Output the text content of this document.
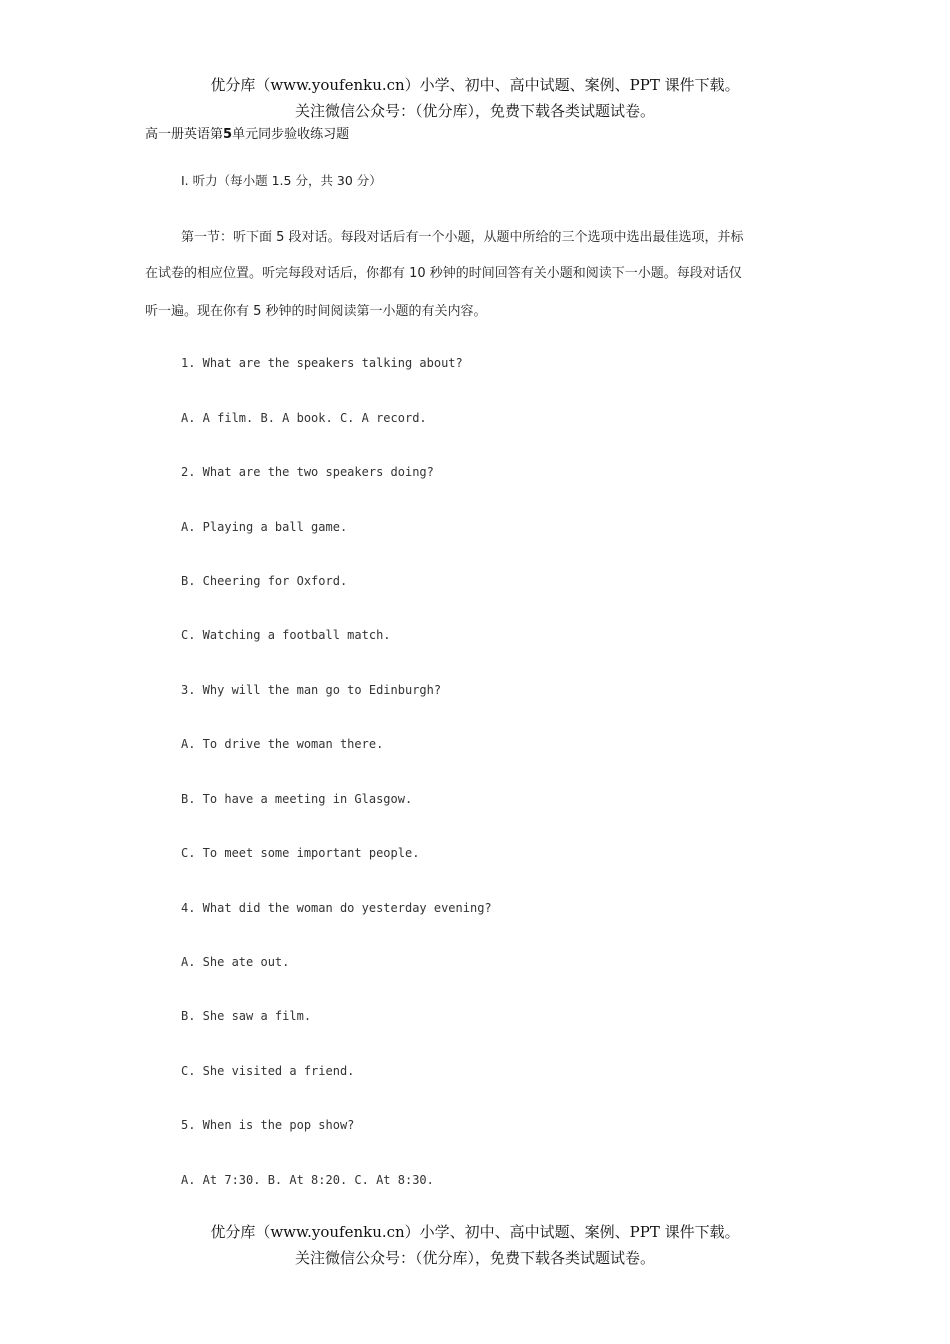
优分库（www.youfenku.cn）小学、初中、高中试题、案例、PPT 课件下载。
关注微信公众号：（优分库），免费下载各类试题试卷。
高一册英语第5单元同步验收练习题
I. 听力（每小题 1.5 分，共 30 分）
第一节：听下面 5 段对话。每段对话后有一个小题，从题中所给的三个选项中选出最佳选项，并标
在试卷的相应位置。听完每段对话后，你都有 10 秒钟的时间回答有关小题和阅读下一小题。每段对话仅
听一遍。现在你有 5 秒钟的时间阅读第一小题的有关内容。
1. What are the speakers talking about?
A. A film. B. A book. C. A record.
2. What are the two speakers doing?
A. Playing a ball game.
B. Cheering for Oxford.
C. Watching a football match.
3. Why will the man go to Edinburgh?
A. To drive the woman there.
B. To have a meeting in Glasgow.
C. To meet some important people.
4. What did the woman do yesterday evening?
A. She ate out.
B. She saw a film.
C. She visited a friend.
5. When is the pop show?
A. At 7:30. B. At 8:20. C. At 8:30.
优分库（www.youfenku.cn）小学、初中、高中试题、案例、PPT 课件下载。
关注微信公众号：（优分库），免费下载各类试题试卷。
